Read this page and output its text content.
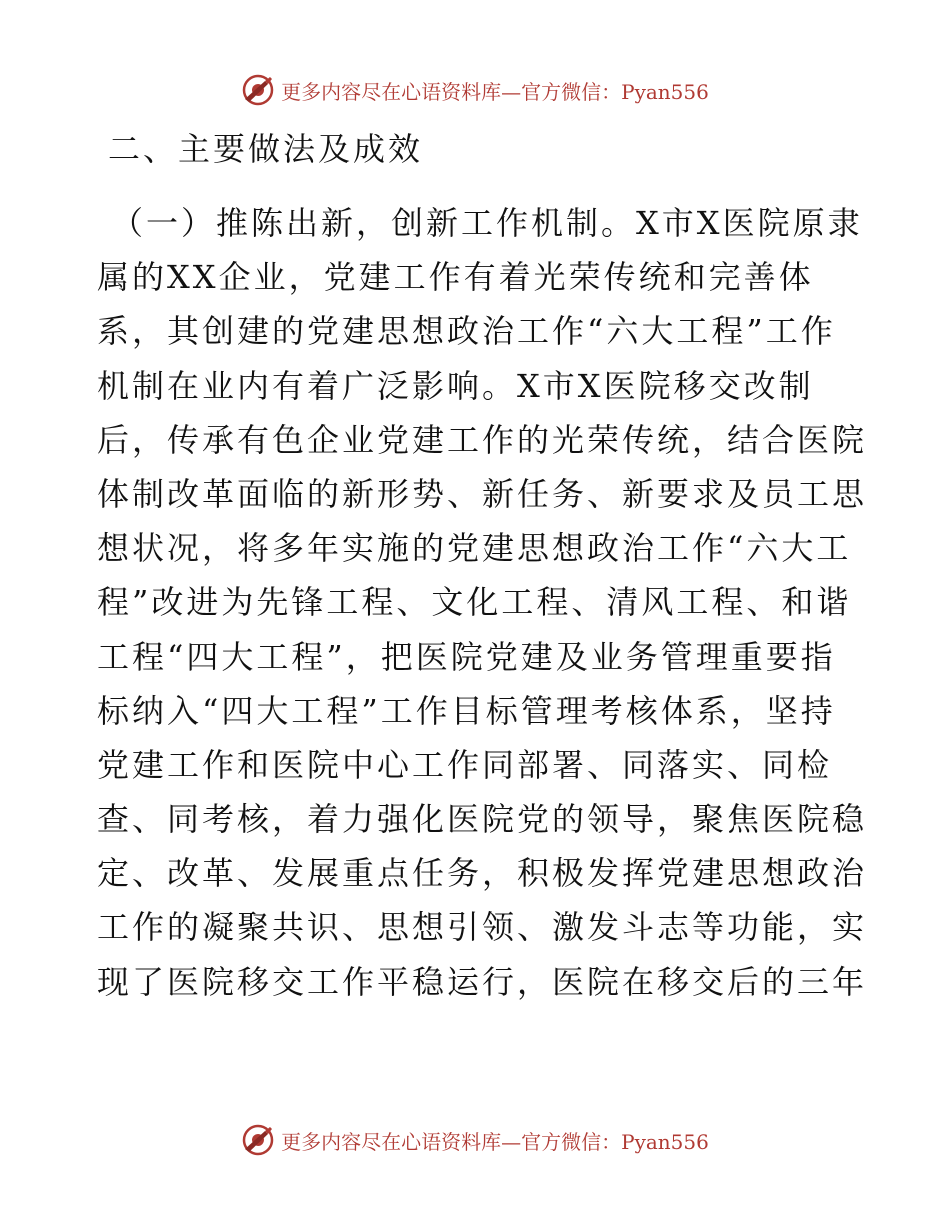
更多内容尽在心语资料库—官方微信：Pyan556
二、主要做法及成效
（一）推陈出新，创新工作机制。X市X医院原隶
属的XX企业，党建工作有着光荣传统和完善体
系，其创建的党建思想政治工作“六大工程”工作
机制在业内有着广泛影响。X市X医院移交改制
后，传承有色企业党建工作的光荣传统，结合医院
体制改革面临的新形势、新任务、新要求及员工思
想状况，将多年实施的党建思想政治工作“六大工
程”改进为先锋工程、文化工程、清风工程、和谐
工程“四大工程”，把医院党建及业务管理重要指
标纳入“四大工程”工作目标管理考核体系，坚持
党建工作和医院中心工作同部署、同落实、同检
查、同考核，着力强化医院党的领导，聚焦医院稳
定、改革、发展重点任务，积极发挥党建思想政治
工作的凝聚共识、思想引领、激发斗志等功能，实
现了医院移交工作平稳运行，医院在移交后的三年
更多内容尽在心语资料库—官方微信：Pyan556
